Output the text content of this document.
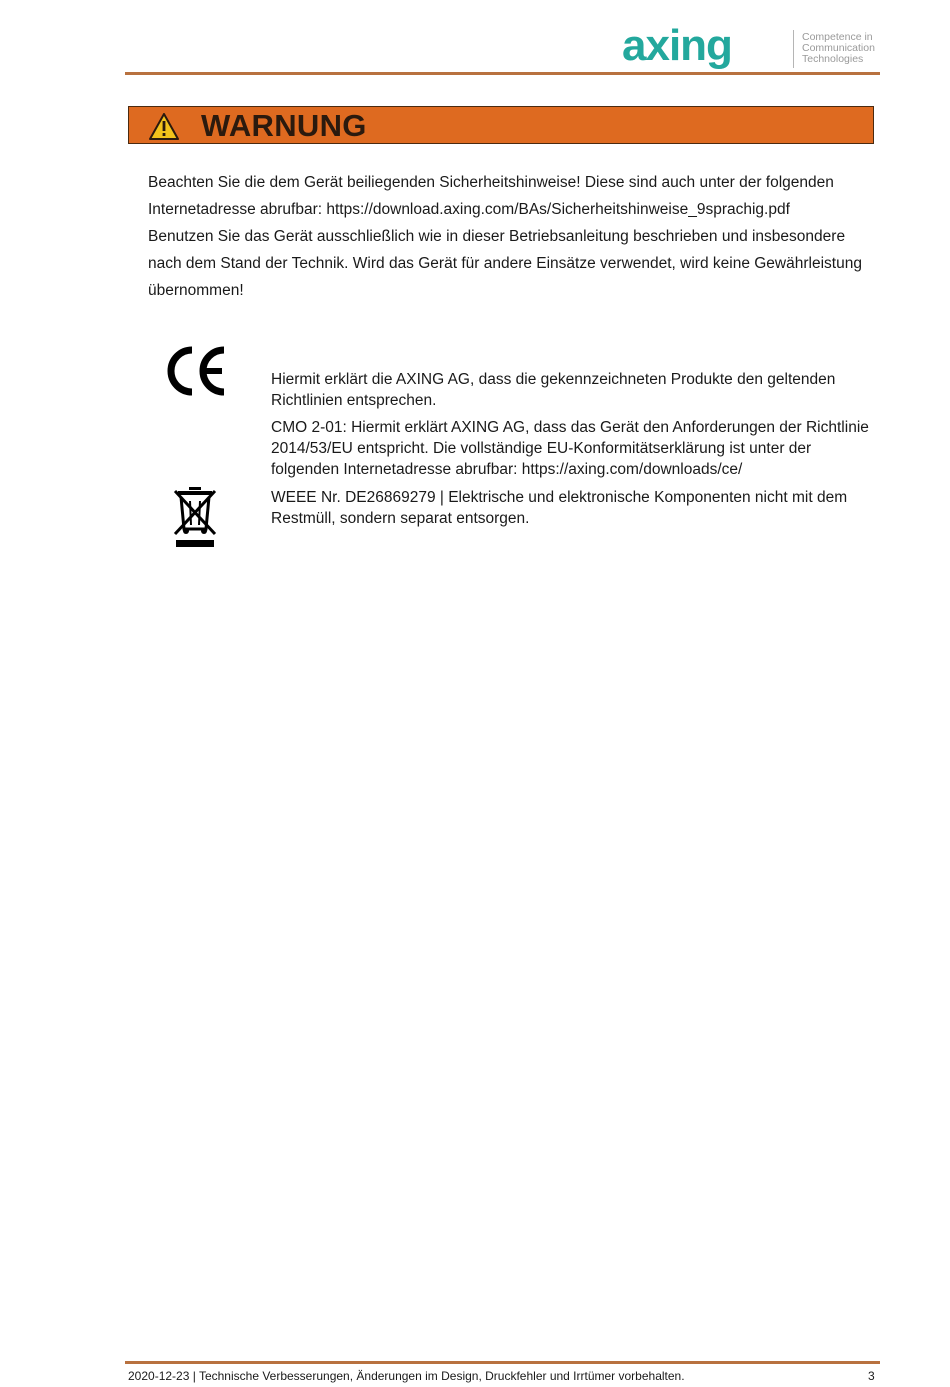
axing	Competence in
Communication
Technologies
WARNUNG

Beachten Sie die dem Gerät beiliegenden Sicherheitshinweise! Diese sind auch unter der folgenden Internetadresse abrufbar: https://download.axing.com/BAs/Sicherheitshinweise_9sprachig.pdf

Benutzen Sie das Gerät ausschließlich wie in dieser Betriebsanleitung beschrieben und insbesondere nach dem Stand der Technik. Wird das Gerät für andere Einsätze verwendet, wird keine Gewährleistung übernommen!

Hiermit erklärt die AXING AG, dass die gekennzeichneten Produkte den geltenden Richtlinien entsprechen.

CMO 2-01: Hiermit erklärt AXING AG, dass das Gerät den Anforderungen der Richtlinie 2014/53/EU entspricht. Die vollständige EU-Konformitätserklärung ist unter der folgenden Internetadresse abrufbar: https://axing.com/downloads/ce/

WEEE Nr. DE26869279 | Elektrische und elektronische Komponenten nicht mit dem Restmüll, sondern separat entsorgen.

2020-12-23 | Technische Verbesserungen, Änderungen im Design, Druckfehler und Irrtümer vorbehalten.	3
